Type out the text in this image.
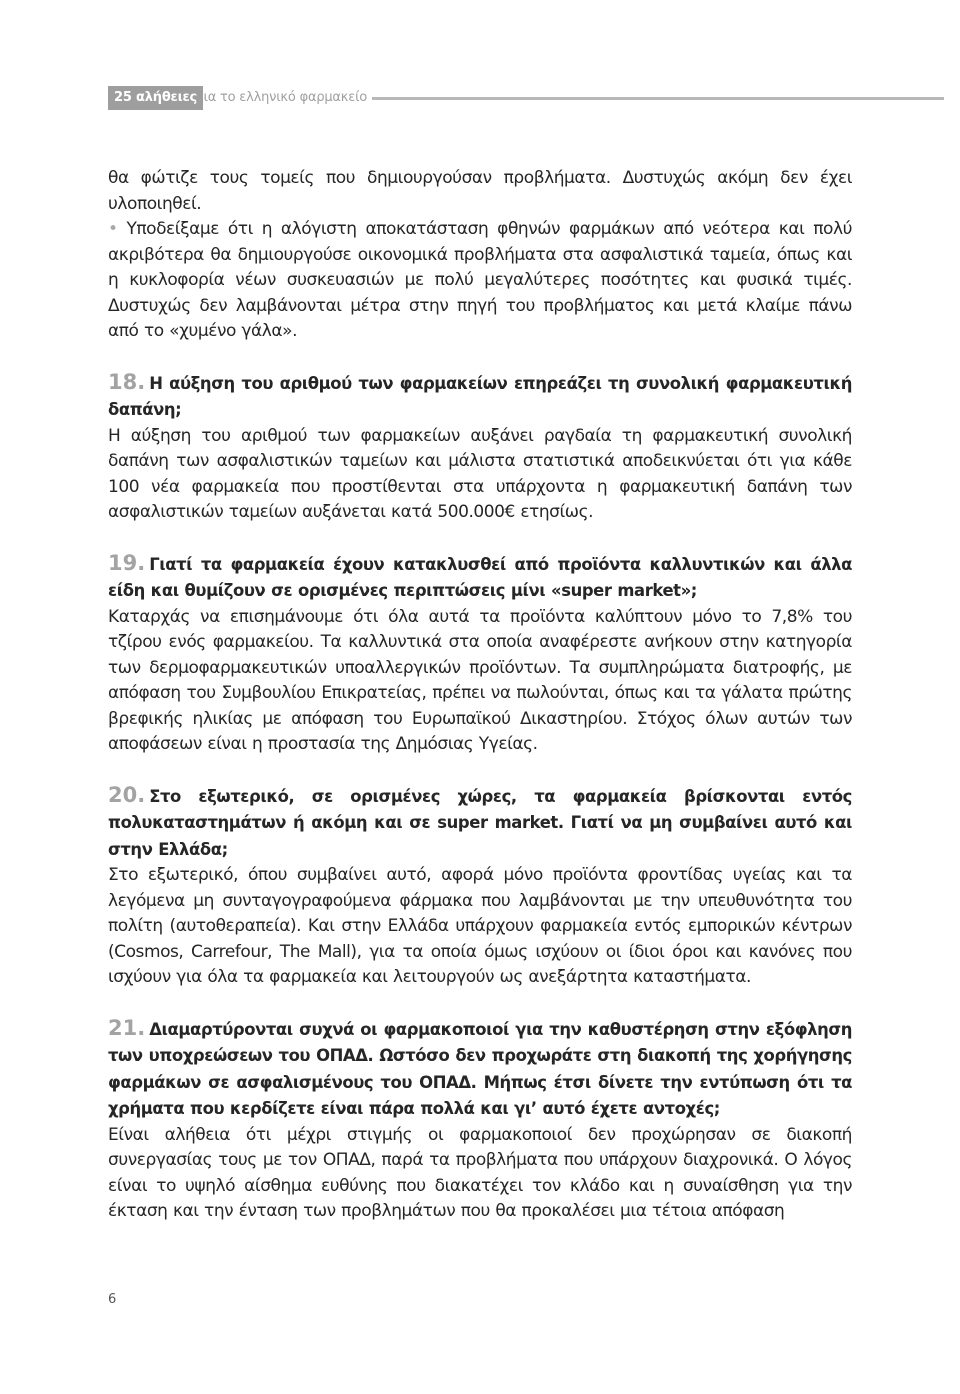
25 αλήθειες
για το ελληνικό φαρμακείο

θα φώτιζε τους τομείς που δημιουργούσαν προβλήματα. Δυστυχώς ακόμη δεν έχει υλοποιηθεί.

• Υποδείξαμε ότι η αλόγιστη αποκατάσταση φθηνών φαρμάκων από νεότερα και πολύ ακριβότερα θα δημιουργούσε οικονομικά προβλήματα στα ασφαλιστικά ταμεία, όπως και η κυκλοφορία νέων συσκευασιών με πολύ μεγαλύτερες ποσότητες και φυσικά τιμές. Δυστυχώς δεν λαμβάνονται μέτρα στην πηγή του προβλήματος και μετά κλαίμε πάνω από το «χυμένο γάλα».

18. Η αύξηση του αριθμού των φαρμακείων επηρεάζει τη συνολική φαρμακευτική δαπάνη;

Η αύξηση του αριθμού των φαρμακείων αυξάνει ραγδαία τη φαρμακευτική συνολική δαπάνη των ασφαλιστικών ταμείων και μάλιστα στατιστικά αποδεικνύεται ότι για κάθε 100 νέα φαρμακεία που προστίθενται στα υπάρχοντα η φαρμακευτική δαπάνη των ασφαλιστικών ταμείων αυξάνεται κατά 500.000€ ετησίως.

19. Γιατί τα φαρμακεία έχουν κατακλυσθεί από προϊόντα καλλυντικών και άλλα είδη και θυμίζουν σε ορισμένες περιπτώσεις μίνι «super market»;

Καταρχάς να επισημάνουμε ότι όλα αυτά τα προϊόντα καλύπτουν μόνο το 7,8% του τζίρου ενός φαρμακείου. Τα καλλυντικά στα οποία αναφέρεστε ανήκουν στην κατηγορία των δερμοφαρμακευτικών υποαλλεργικών προϊόντων. Τα συμπληρώματα διατροφής, με απόφαση του Συμβουλίου Επικρατείας, πρέπει να πωλούνται, όπως και τα γάλατα πρώτης βρεφικής ηλικίας με απόφαση του Ευρωπαϊκού Δικαστηρίου. Στόχος όλων αυτών των αποφάσεων είναι η προστασία της Δημόσιας Υγείας.

20. Στο εξωτερικό, σε ορισμένες χώρες, τα φαρμακεία βρίσκονται εντός πολυκαταστημάτων ή ακόμη και σε super market. Γιατί να μη συμβαίνει αυτό και στην Ελλάδα;

Στο εξωτερικό, όπου συμβαίνει αυτό, αφορά μόνο προϊόντα φροντίδας υγείας και τα λεγόμενα μη συνταγογραφούμενα φάρμακα που λαμβάνονται με την υπευθυνότητα του πολίτη (αυτοθεραπεία). Και στην Ελλάδα υπάρχουν φαρμακεία εντός εμπορικών κέντρων (Cosmos, Carrefour, The Mall), για τα οποία όμως ισχύουν οι ίδιοι όροι και κανόνες που ισχύουν για όλα τα φαρμακεία και λειτουργούν ως ανεξάρτητα καταστήματα.

21. Διαμαρτύρονται συχνά οι φαρμακοποιοί για την καθυστέρηση στην εξόφληση των υποχρεώσεων του ΟΠΑΔ. Ωστόσο δεν προχωράτε στη διακοπή της χορήγησης φαρμάκων σε ασφαλισμένους του ΟΠΑΔ. Μήπως έτσι δίνετε την εντύπωση ότι τα χρήματα που κερδίζετε είναι πάρα πολλά και γι’ αυτό έχετε αντοχές;

Είναι αλήθεια ότι μέχρι στιγμής οι φαρμακοποιοί δεν προχώρησαν σε διακοπή συνεργασίας τους με τον ΟΠΑΔ, παρά τα προβλήματα που υπάρχουν διαχρονικά. Ο λόγος είναι το υψηλό αίσθημα ευθύνης που διακατέχει τον κλάδο και η συναίσθηση για την έκταση και την ένταση των προβλημάτων που θα προκαλέσει μια τέτοια απόφαση

6
